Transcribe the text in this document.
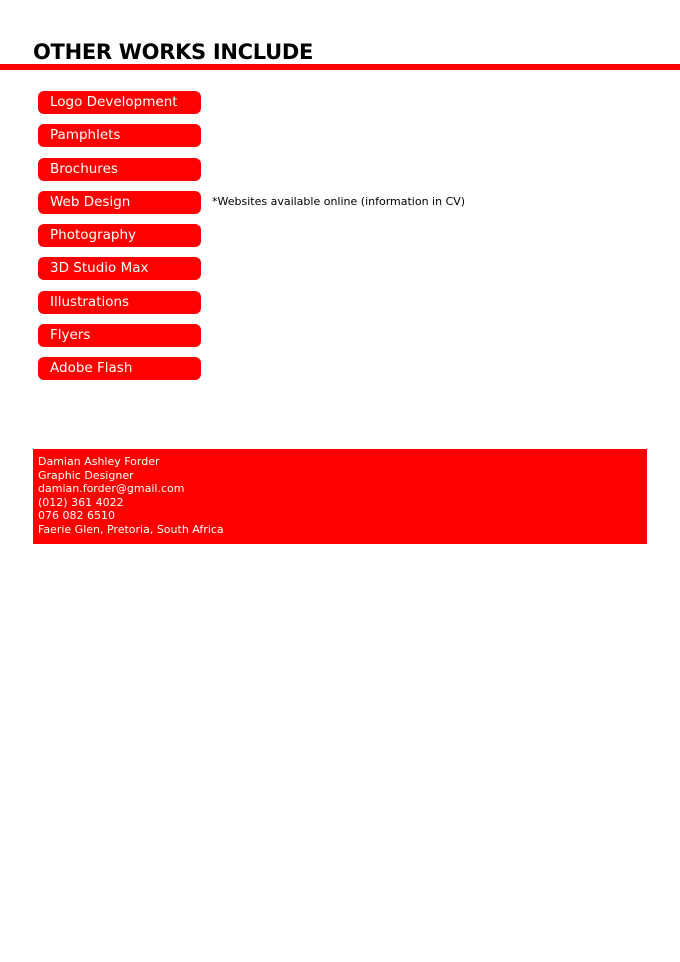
OTHER WORKS INCLUDE
Logo Development
Pamphlets
Brochures
Web Design
Photography
3D Studio Max
Illustrations
Flyers
Adobe Flash
*Websites available online (information in CV)
Damian Ashley Forder
Graphic Designer
damian.forder@gmail.com
(012) 361 4022
076 082 6510
Faerie Glen, Pretoria, South Africa
